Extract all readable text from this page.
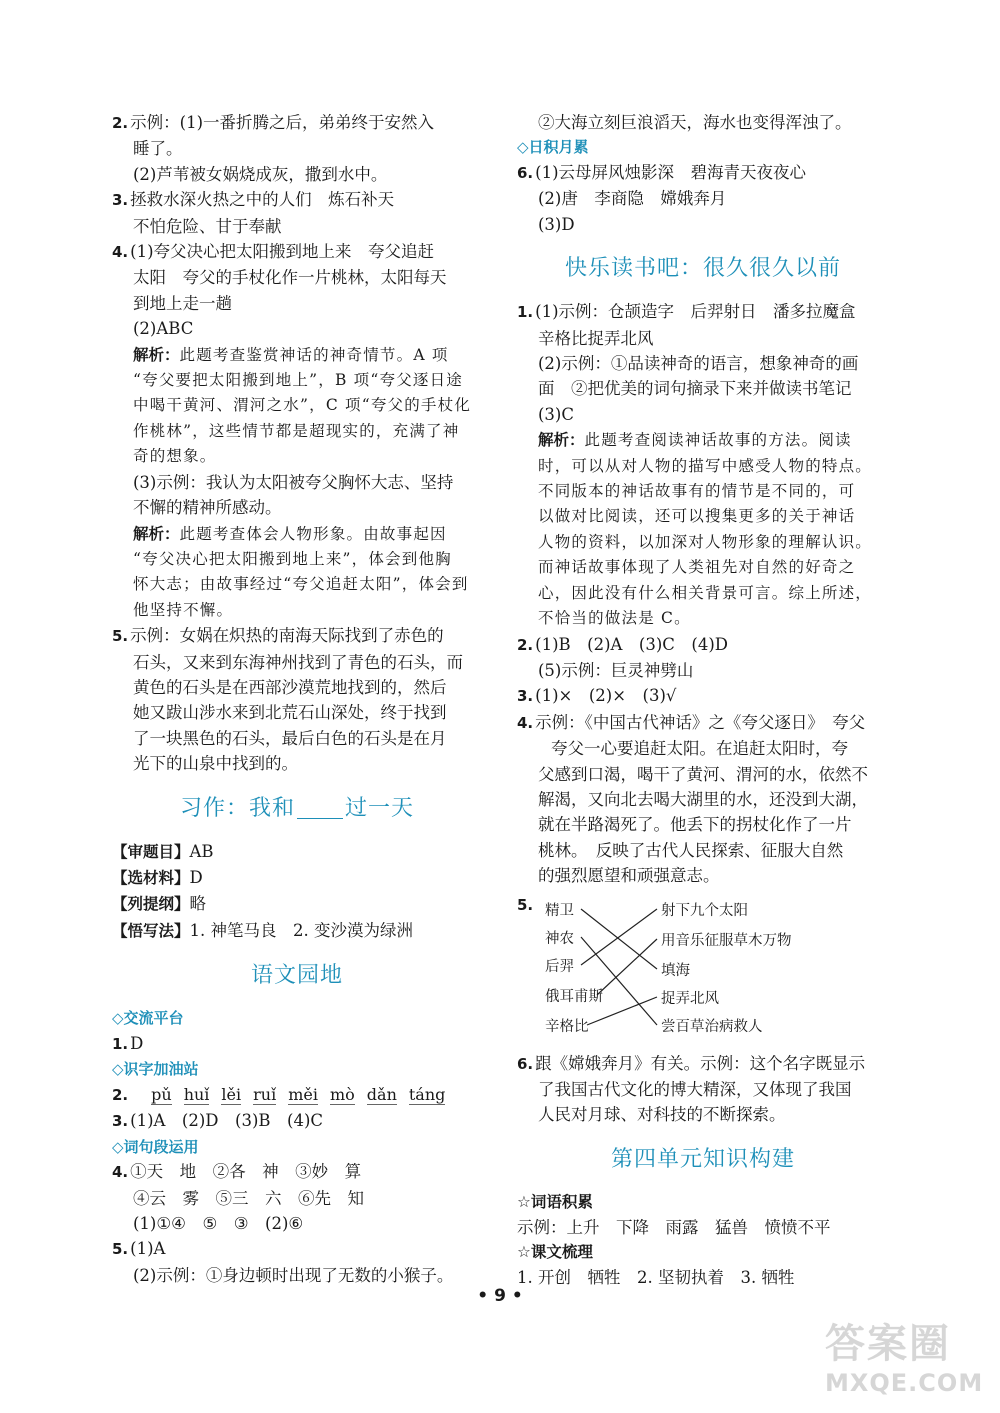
2. 示例：(1)一番折腾之后，弟弟终于安然入
睡了。
(2)芦苇被女娲烧成灰，撒到水中。
3. 拯救水深火热之中的人们　炼石补天
不怕危险、甘于奉献
4. (1)夸父决心把太阳搬到地上来　夸父追赶
太阳　夸父的手杖化作一片桃林，太阳每天
到地上走一趟
(2)ABC
解析：此题考查鉴赏神话的神奇情节。A 项
“夸父要把太阳搬到地上”，B 项“夸父逐日途
中喝干黄河、渭河之水”，C 项“夸父的手杖化
作桃林”，这些情节都是超现实的，充满了神
奇的想象。
(3)示例：我认为太阳被夸父胸怀大志、坚持
不懈的精神所感动。
解析：此题考查体会人物形象。由故事起因
“夸父决心把太阳搬到地上来”，体会到他胸
怀大志；由故事经过“夸父追赶太阳”，体会到
他坚持不懈。
5. 示例：女娲在炽热的南海天际找到了赤色的
石头，又来到东海神州找到了青色的石头，而
黄色的石头是在西部沙漠荒地找到的，然后
她又跋山涉水来到北荒石山深处，终于找到
了一块黑色的石头，最后白色的石头是在月
光下的山泉中找到的。
习作：我和 过一天
【审题目】AB
【选材料】D
【列提纲】略
【悟写法】1. 神笔马良　2. 变沙漠为绿洲
语文园地
◇交流平台
1. D
◇识字加油站
2. pǔ huǐ lěi ruǐ měi mò dǎn táng
3. (1)A　(2)D　(3)B　(4)C
◇词句段运用
4. ①天　地　②各　神　③妙　算
④云　雾　⑤三　六　⑥先　知
(1)①④　⑤　③　(2)⑥
5. (1)A
(2)示例：①身边顿时出现了无数的小猴子。
②大海立刻巨浪滔天，海水也变得浑浊了。
◇日积月累
6. (1)云母屏风烛影深　碧海青天夜夜心
(2)唐　李商隐　嫦娥奔月
(3)D
快乐读书吧：很久很久以前
1. (1)示例：仓颉造字　后羿射日　潘多拉魔盒
辛格比捉弄北风
(2)示例：①品读神奇的语言，想象神奇的画
面　②把优美的词句摘录下来并做读书笔记
(3)C
解析：此题考查阅读神话故事的方法。阅读
时，可以从对人物的描写中感受人物的特点。
不同版本的神话故事有的情节是不同的，可
以做对比阅读，还可以搜集更多的关于神话
人物的资料，以加深对人物形象的理解认识。
而神话故事体现了人类祖先对自然的好奇之
心，因此没有什么相关背景可言。综上所述，
不恰当的做法是 C。
2. (1)B　(2)A　(3)C　(4)D
(5)示例：巨灵神劈山
3. (1)×　(2)×　(3)√
4. 示例：《中国古代神话》之《夸父逐日》　夸父
夸父一心要追赶太阳。在追赶太阳时，夸
父感到口渴，喝干了黄河、渭河的水，依然不
解渴，又向北去喝大湖里的水，还没到大湖，
就在半路渴死了。他丢下的拐杖化作了一片
桃林。　反映了古代人民探索、征服大自然
的强烈愿望和顽强意志。
5. 精卫
神农
后羿
俄耳甫斯
辛格比
射下九个太阳
用音乐征服草木万物
填海
捉弄北风
尝百草治病救人
6. 跟《嫦娥奔月》有关。示例：这个名字既显示
了我国古代文化的博大精深，又体现了我国
人民对月球、对科技的不断探索。
第四单元知识构建
☆词语积累
示例：上升　下降　雨露　猛兽　愤愤不平
☆课文梳理
1. 开创　牺牲　2. 坚韧执着　3. 牺牲
• 9 •
答案圈
MXQE.COM
